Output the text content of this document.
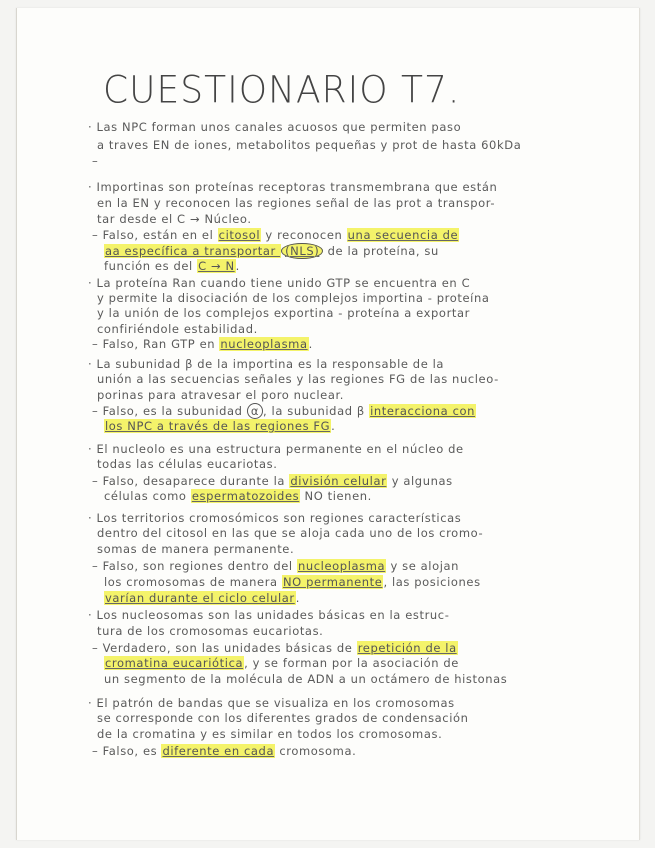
CUESTIONARIO T7.
· Las NPC forman unos canales acuosos que permiten paso
a traves EN de iones, metabolitos pequeñas y prot de hasta 60kDa
–
· Importinas son proteínas receptoras transmembrana que están
en la EN y reconocen las regiones señal de las prot a transpor-
tar desde el C → Núcleo.
– Falso, están en el citosol y reconocen una secuencia de
aa específica a transportar (NLS) de la proteína, su
función es del C → N.
· La proteína Ran cuando tiene unido GTP se encuentra en C
y permite la disociación de los complejos importina - proteína
y la unión de los complejos exportina - proteína a exportar
confiriéndole estabilidad.
– Falso, Ran GTP en nucleoplasma.
· La subunidad β de la importina es la responsable de la
unión a las secuencias señales y las regiones FG de las nucleo-
porinas para atravesar el poro nuclear.
– Falso, es la subunidad α , la subunidad β interacciona con
los NPC a través de las regiones FG.
· El nucleolo es una estructura permanente en el núcleo de
todas las células eucariotas.
– Falso, desaparece durante la división celular y algunas
células como espermatozoides NO tienen.
· Los territorios cromosómicos son regiones características
dentro del citosol en las que se aloja cada uno de los cromo-
somas de manera permanente.
– Falso, son regiones dentro del nucleoplasma y se alojan
los cromosomas de manera NO permanente, las posiciones
varían durante el ciclo celular.
· Los nucleosomas son las unidades básicas en la estruc-
tura de los cromosomas eucariotas.
– Verdadero, son las unidades básicas de repetición de la
cromatina eucariótica, y se forman por la asociación de
un segmento de la molécula de ADN a un octámero de histonas
· El patrón de bandas que se visualiza en los cromosomas
se corresponde con los diferentes grados de condensación
de la cromatina y es similar en todos los cromosomas.
– Falso, es diferente en cada cromosoma.
